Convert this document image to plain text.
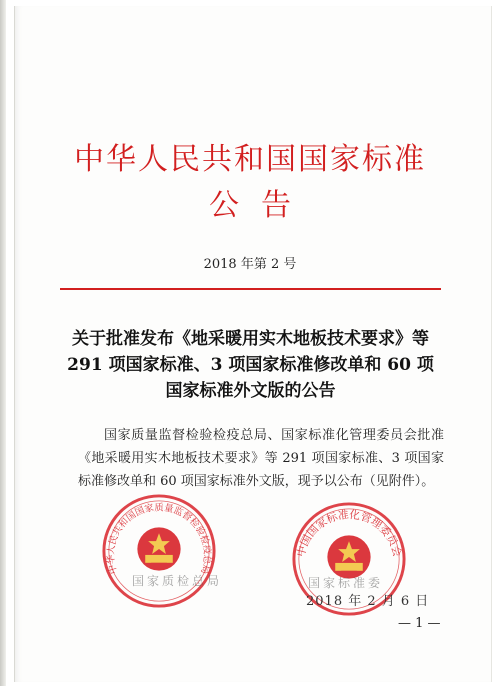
中华人民共和国国家标准
公告
2018 年第 2 号
关于批准发布《地采暖用实木地板技术要求》等
291 项国家标准、3 项国家标准修改单和 60 项
国家标准外文版的公告
国家质量监督检验检疫总局、国家标准化管理委员会批准《地采暖用实木地板技术要求》等 291 项国家标准、3 项国家标准修改单和 60 项国家标准外文版，现予以公布（见附件）。
中华人民共和国国家质量监督检验检疫总局
国家质检总局
中国国家标准化管理委员会
国家标准委
2018 年 2 月 6 日
— 1 —
